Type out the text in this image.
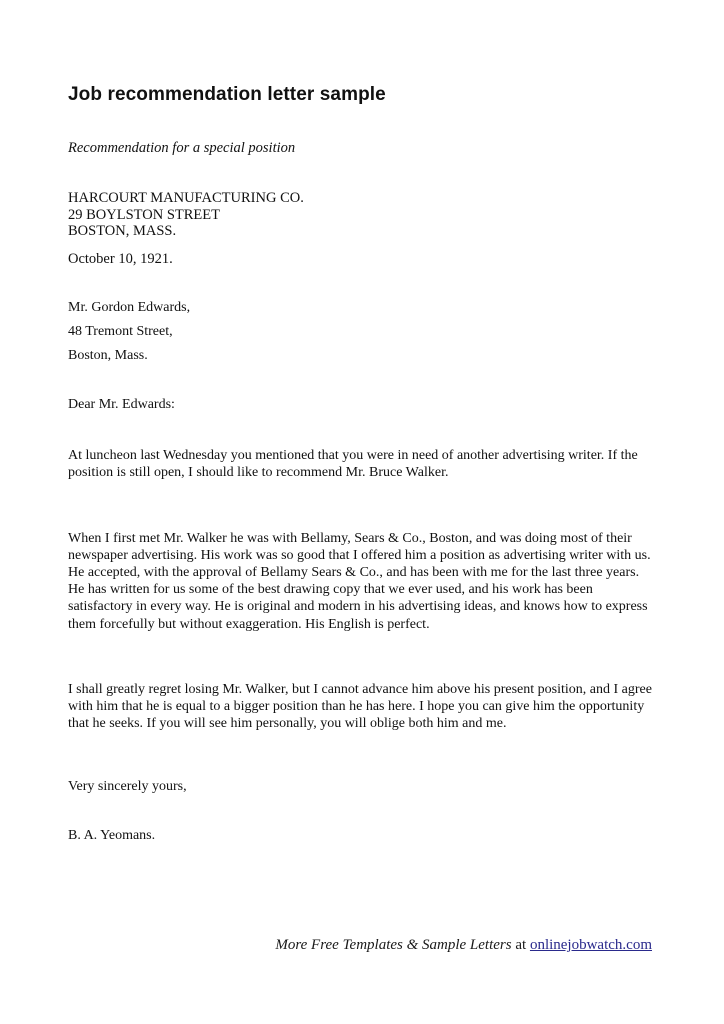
Job recommendation letter sample
Recommendation for a special position
HARCOURT MANUFACTURING CO.
29 BOYLSTON STREET
BOSTON, MASS.
October 10, 1921.
Mr. Gordon Edwards,
48 Tremont Street,
Boston, Mass.
Dear Mr. Edwards:

At luncheon last Wednesday you mentioned that you were in need of another advertising writer. If the position is still open, I should like to recommend Mr. Bruce Walker.

When I first met Mr. Walker he was with Bellamy, Sears & Co., Boston, and was doing most of their newspaper advertising. His work was so good that I offered him a position as advertising writer with us. He accepted, with the approval of Bellamy Sears & Co., and has been with me for the last three years. He has written for us some of the best drawing copy that we ever used, and his work has been satisfactory in every way. He is original and modern in his advertising ideas, and knows how to express them forcefully but without exaggeration. His English is perfect.

I shall greatly regret losing Mr. Walker, but I cannot advance him above his present position, and I agree with him that he is equal to a bigger position than he has here. I hope you can give him the opportunity that he seeks. If you will see him personally, you will oblige both him and me.

Very sincerely yours,
B. A. Yeomans.
More Free Templates & Sample Letters at onlinejobwatch.com
